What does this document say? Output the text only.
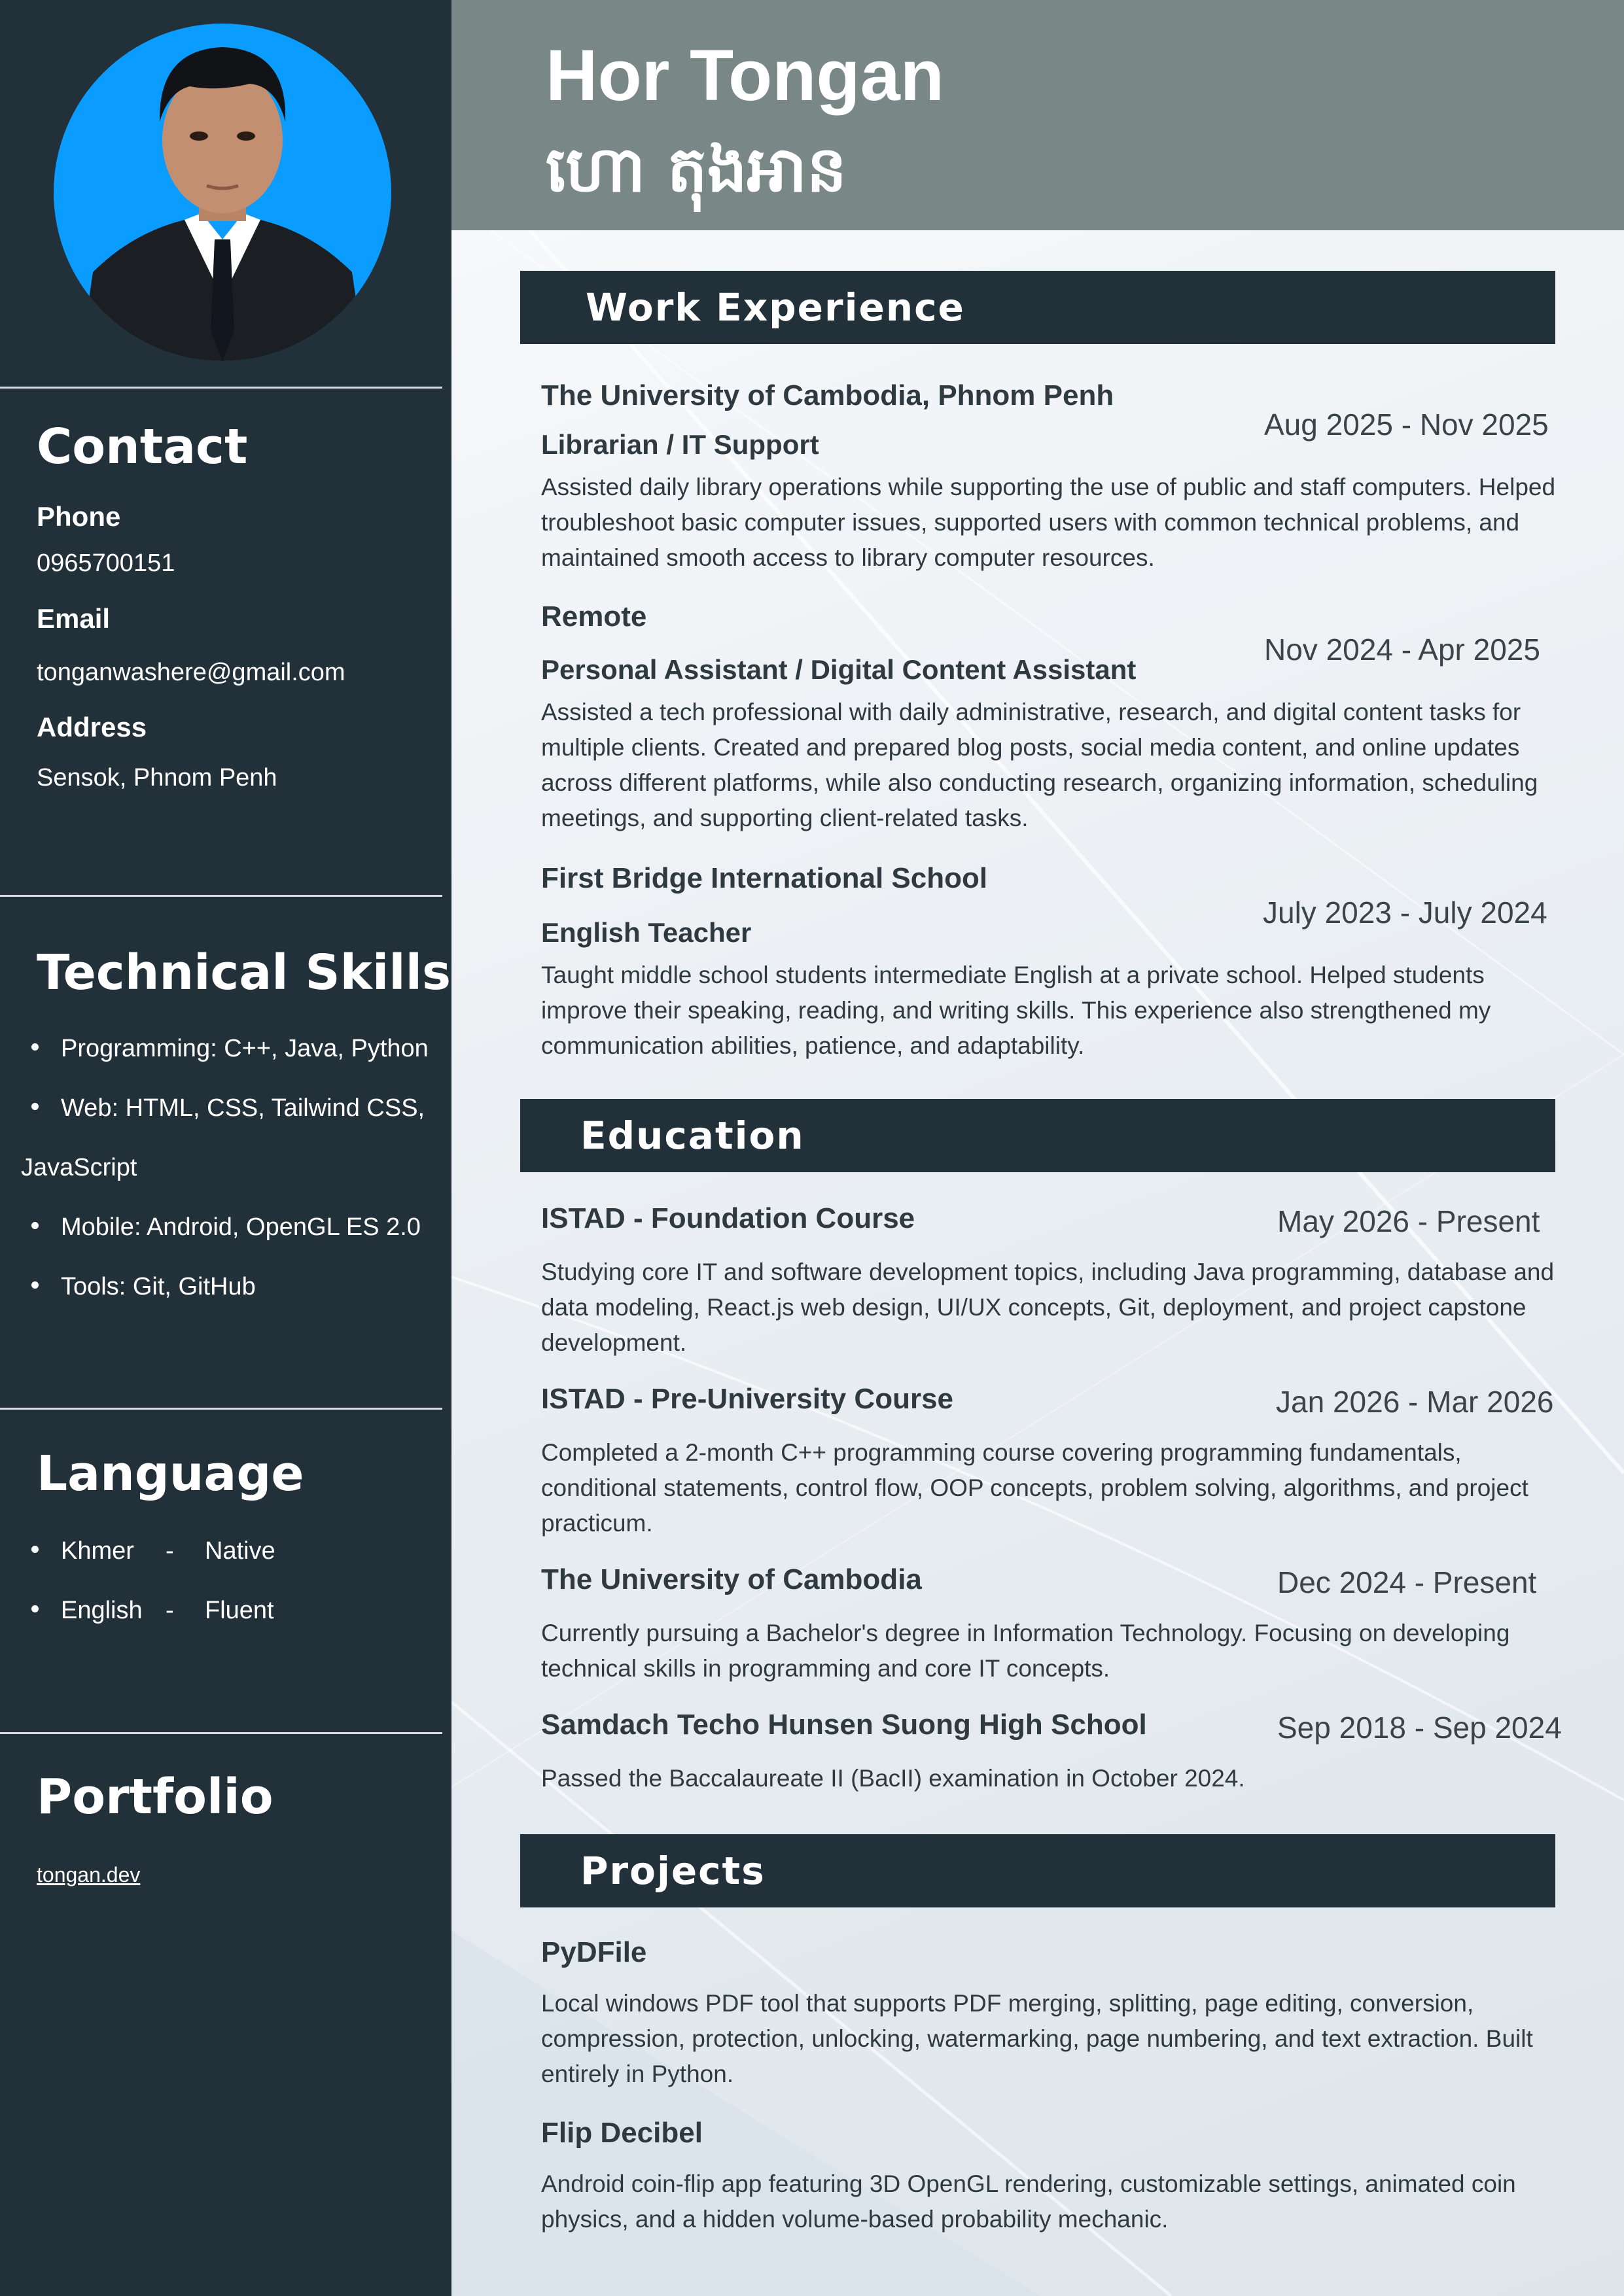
Contact
Phone
0965700151
Email
tonganwashere@gmail.com
Address
Sensok, Phnom Penh
Technical Skills
Programming: C++, Java, Python
Web: HTML, CSS, Tailwind CSS,
JavaScript
Mobile: Android, OpenGL ES 2.0
Tools: Git, GitHub
Language
Khmer - Native
English - Fluent
Portfolio
tongan.dev
Hor Tongan
ហោ តុងអាន
Work Experience
The University of Cambodia, Phnom Penh
Aug 2025 - Nov 2025
Librarian / IT Support
Assisted daily library operations while supporting the use of public and staff computers. Helped troubleshoot basic computer issues, supported users with common technical problems, and maintained smooth access to library computer resources.
Remote
Nov 2024 - Apr 2025
Personal Assistant / Digital Content Assistant
Assisted a tech professional with daily administrative, research, and digital content tasks for multiple clients. Created and prepared blog posts, social media content, and online updates across different platforms, while also conducting research, organizing information, scheduling meetings, and supporting client-related tasks.
First Bridge International School
July 2023 - July 2024
English Teacher
Taught middle school students intermediate English at a private school. Helped students improve their speaking, reading, and writing skills. This experience also strengthened my communication abilities, patience, and adaptability.
Education
ISTAD - Foundation Course	May 2026 - Present
Studying core IT and software development topics, including Java programming, database and data modeling, React.js web design, UI/UX concepts, Git, deployment, and project capstone development.
ISTAD - Pre-University Course	Jan 2026 - Mar 2026
Completed a 2-month C++ programming course covering programming fundamentals, conditional statements, control flow, OOP concepts, problem solving, algorithms, and project practicum.
The University of Cambodia	Dec 2024 - Present
Currently pursuing a Bachelor's degree in Information Technology. Focusing on developing technical skills in programming and core IT concepts.
Samdach Techo Hunsen Suong High School	Sep 2018 - Sep 2024
Passed the Baccalaureate II (BacII) examination in October 2024.
Projects
PyDFile
Local windows PDF tool that supports PDF merging, splitting, page editing, conversion, compression, protection, unlocking, watermarking, page numbering, and text extraction. Built entirely in Python.
Flip Decibel
Android coin-flip app featuring 3D OpenGL rendering, customizable settings, animated coin physics, and a hidden volume-based probability mechanic.
